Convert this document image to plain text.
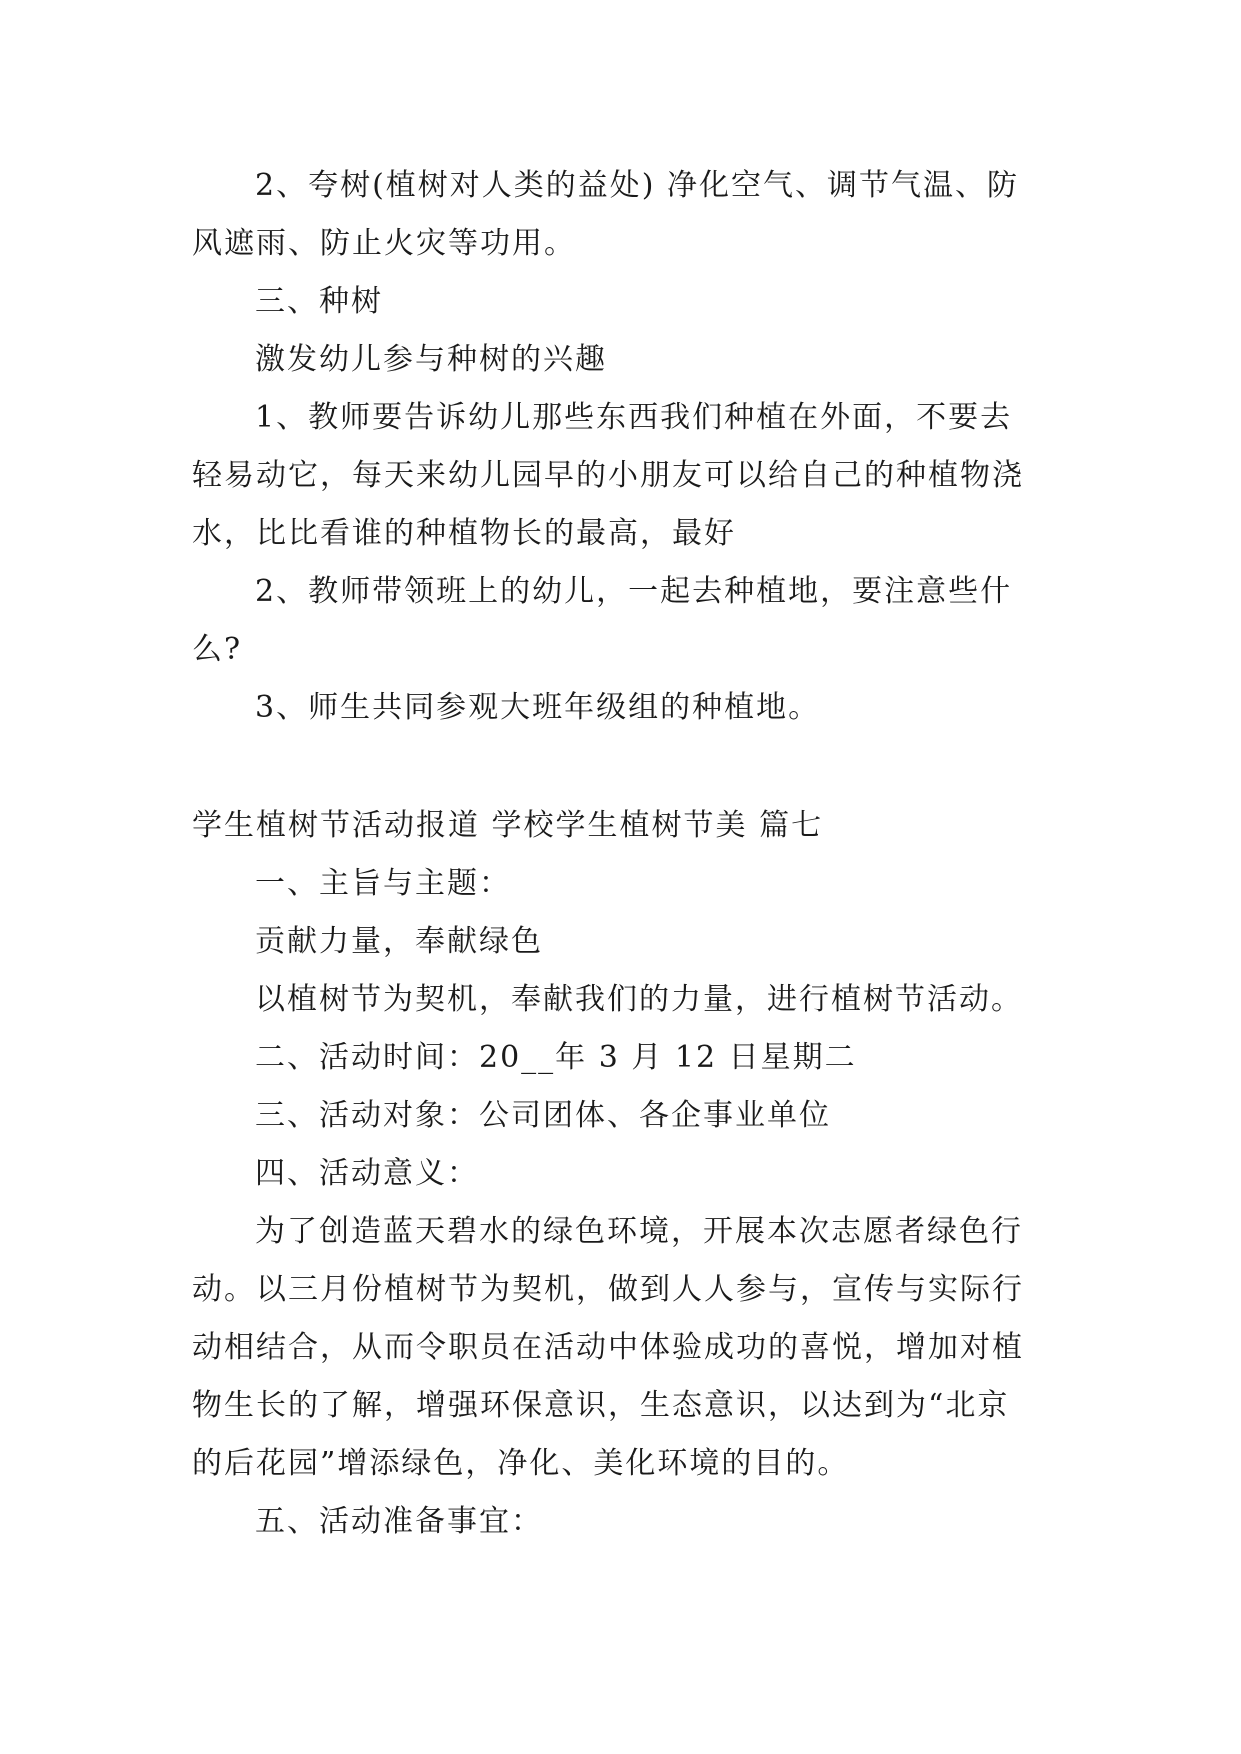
2、夸树(植树对人类的益处) 净化空气、调节气温、防
风遮雨、防止火灾等功用。
三、种树
激发幼儿参与种树的兴趣
1、教师要告诉幼儿那些东西我们种植在外面，不要去
轻易动它，每天来幼儿园早的小朋友可以给自己的种植物浇
水，比比看谁的种植物长的最高，最好
2、教师带领班上的幼儿，一起去种植地，要注意些什
么?
3、师生共同参观大班年级组的种植地。
学生植树节活动报道 学校学生植树节美 篇七
一、主旨与主题：
贡献力量，奉献绿色
以植树节为契机，奉献我们的力量，进行植树节活动。
二、活动时间：20__年 3 月 12 日星期二
三、活动对象：公司团体、各企事业单位
四、活动意义：
为了创造蓝天碧水的绿色环境，开展本次志愿者绿色行
动。以三月份植树节为契机，做到人人参与，宣传与实际行
动相结合，从而令职员在活动中体验成功的喜悦，增加对植
物生长的了解，增强环保意识，生态意识，以达到为“北京
的后花园”增添绿色，净化、美化环境的目的。
五、活动准备事宜：
